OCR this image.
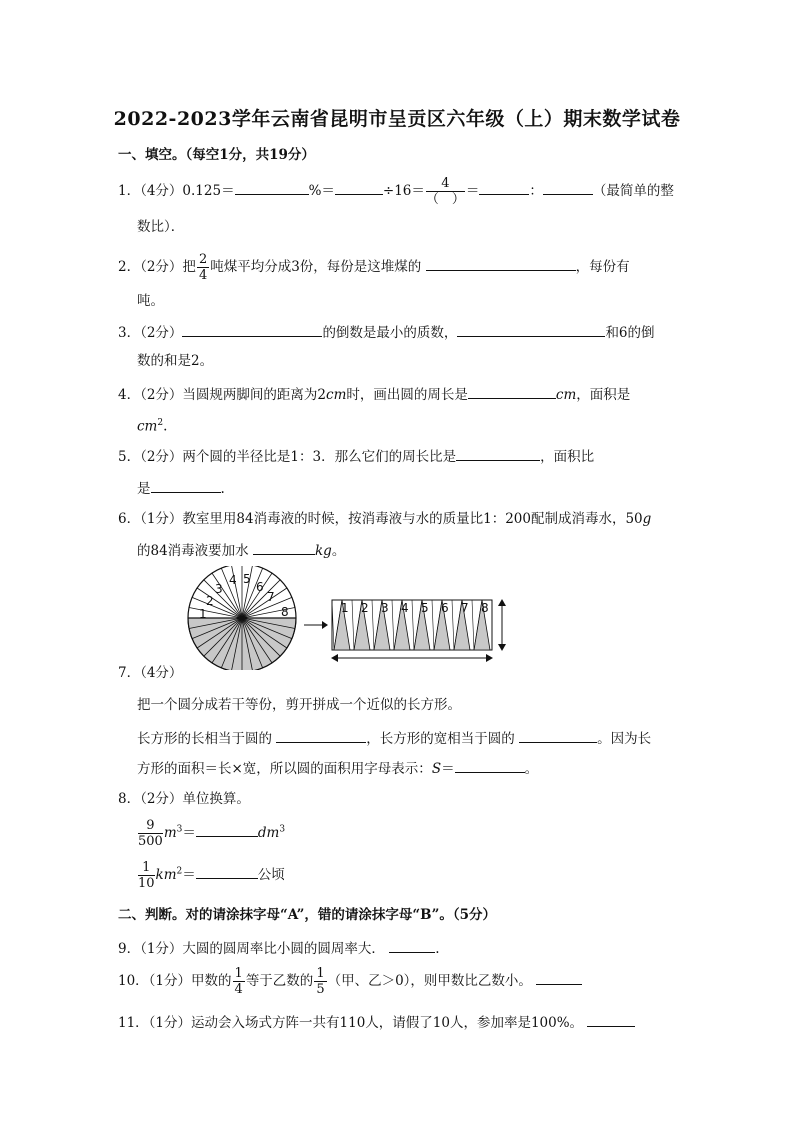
2022-2023学年云南省昆明市呈贡区六年级（上）期末数学试卷
一、填空。（每空1分，共19分）
1．（4分）0.125＝	%＝	$\div 16= \frac{4}{( )}$ ＝	：	（最简单的整
数比）．
2．（2分）把 $\frac{2}{4}$ 吨煤平均分成3份，每份是这堆煤的	，每份有
吨。
3．（2分）	的倒数是最小的质数，	和6的倒
数的和是2。
4．（2分）当圆规两脚间的距离为2cm时，画出圆的周长是	cm，面积是
$cm^2$.
5．（2分）两个圆的半径比是1：3．那么它们的周长比是	，面积比
是	.
6．（1分）教室里用84消毒液的时候，按消毒液与水的质量比1：200配制成消毒水，50g
的84消毒液要加水	kg。
1
2
3
4 5
6
7
8	1 2 3 4 5 6 7 8
7．（4分）
把一个圆分成若干等份，剪开拼成一个近似的长方形。
长方形的长相当于圆的	，长方形的宽相当于圆的	。因为长
方形的面积＝长×宽，所以圆的面积用字母表示：S＝	。
8．（2分）单位换算。
$\frac{9}{500} m^3=$	$dm^3$
$\frac{1}{10} km^2=$	公顷
二、判断。对的请涂抹字母“A”，错的请涂抹字母“B”。（5分）
9．（1分）大圆的圆周率比小圆的圆周率大．	.
10．（1分）甲数的 $\frac{1}{4}$ 等于乙数的 $\frac{1}{5}$ （甲、乙＞0），则甲数比乙数小。
11．（1分）运动会入场式方阵一共有110人，请假了10人，参加率是100%。
